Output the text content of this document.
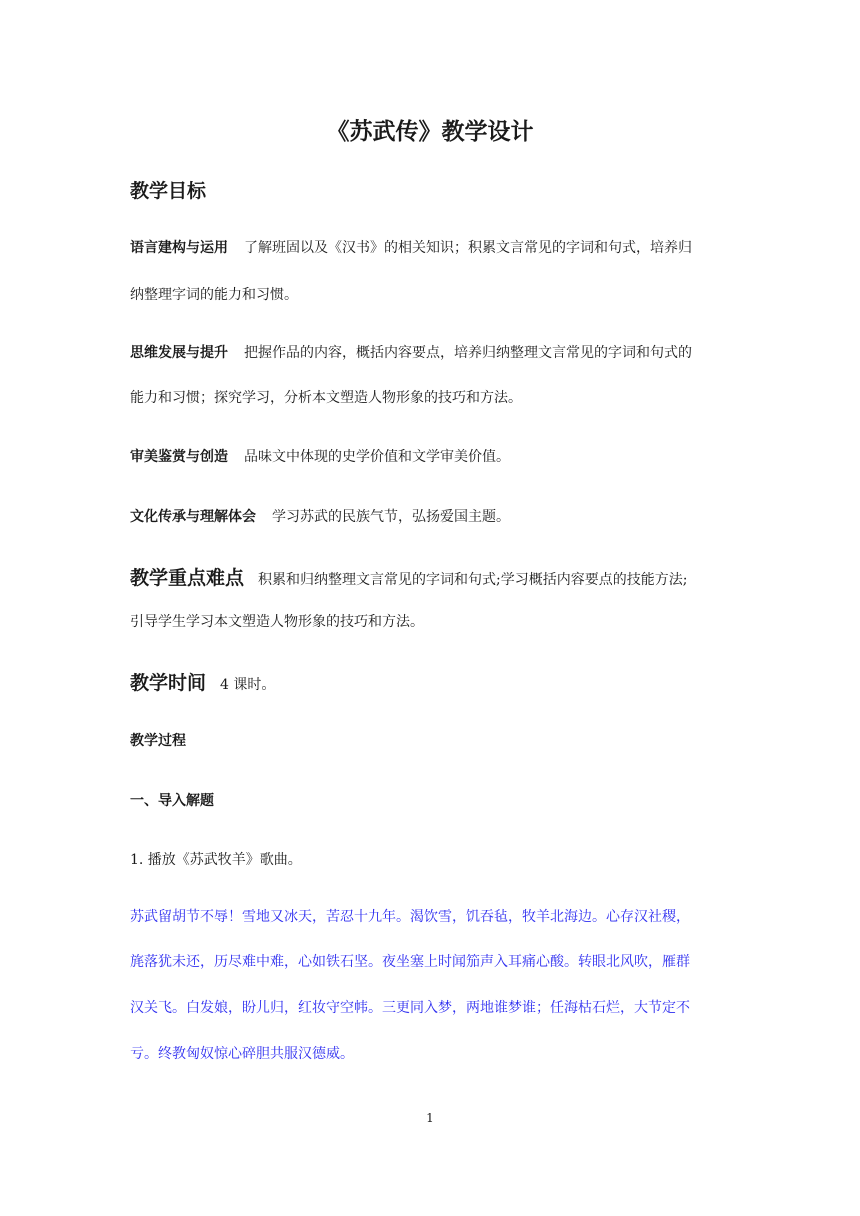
《苏武传》教学设计
教学目标
语言建构与运用 了解班固以及《汉书》的相关知识；积累文言常见的字词和句式，培养归
纳整理字词的能力和习惯。
思维发展与提升 把握作品的内容，概括内容要点，培养归纳整理文言常见的字词和句式的
能力和习惯；探究学习，分析本文塑造人物形象的技巧和方法。
审美鉴赏与创造 品味文中体现的史学价值和文学审美价值。
文化传承与理解体会 学习苏武的民族气节，弘扬爱国主题。
教学重点难点 积累和归纳整理文言常见的字词和句式;学习概括内容要点的技能方法;
引导学生学习本文塑造人物形象的技巧和方法。
教学时间 4 课时。
教学过程
一、导入解题
1. 播放《苏武牧羊》歌曲。
苏武留胡节不辱！雪地又冰天，苦忍十九年。渴饮雪，饥吞毡，牧羊北海边。心存汉社稷，
旄落犹未还，历尽难中难，心如铁石坚。夜坐塞上时闻笳声入耳痛心酸。转眼北风吹，雁群
汉关飞。白发娘，盼儿归，红妆守空帏。三更同入梦，两地谁梦谁；任海枯石烂，大节定不
亏。终教匈奴惊心碎胆共服汉德威。
1
